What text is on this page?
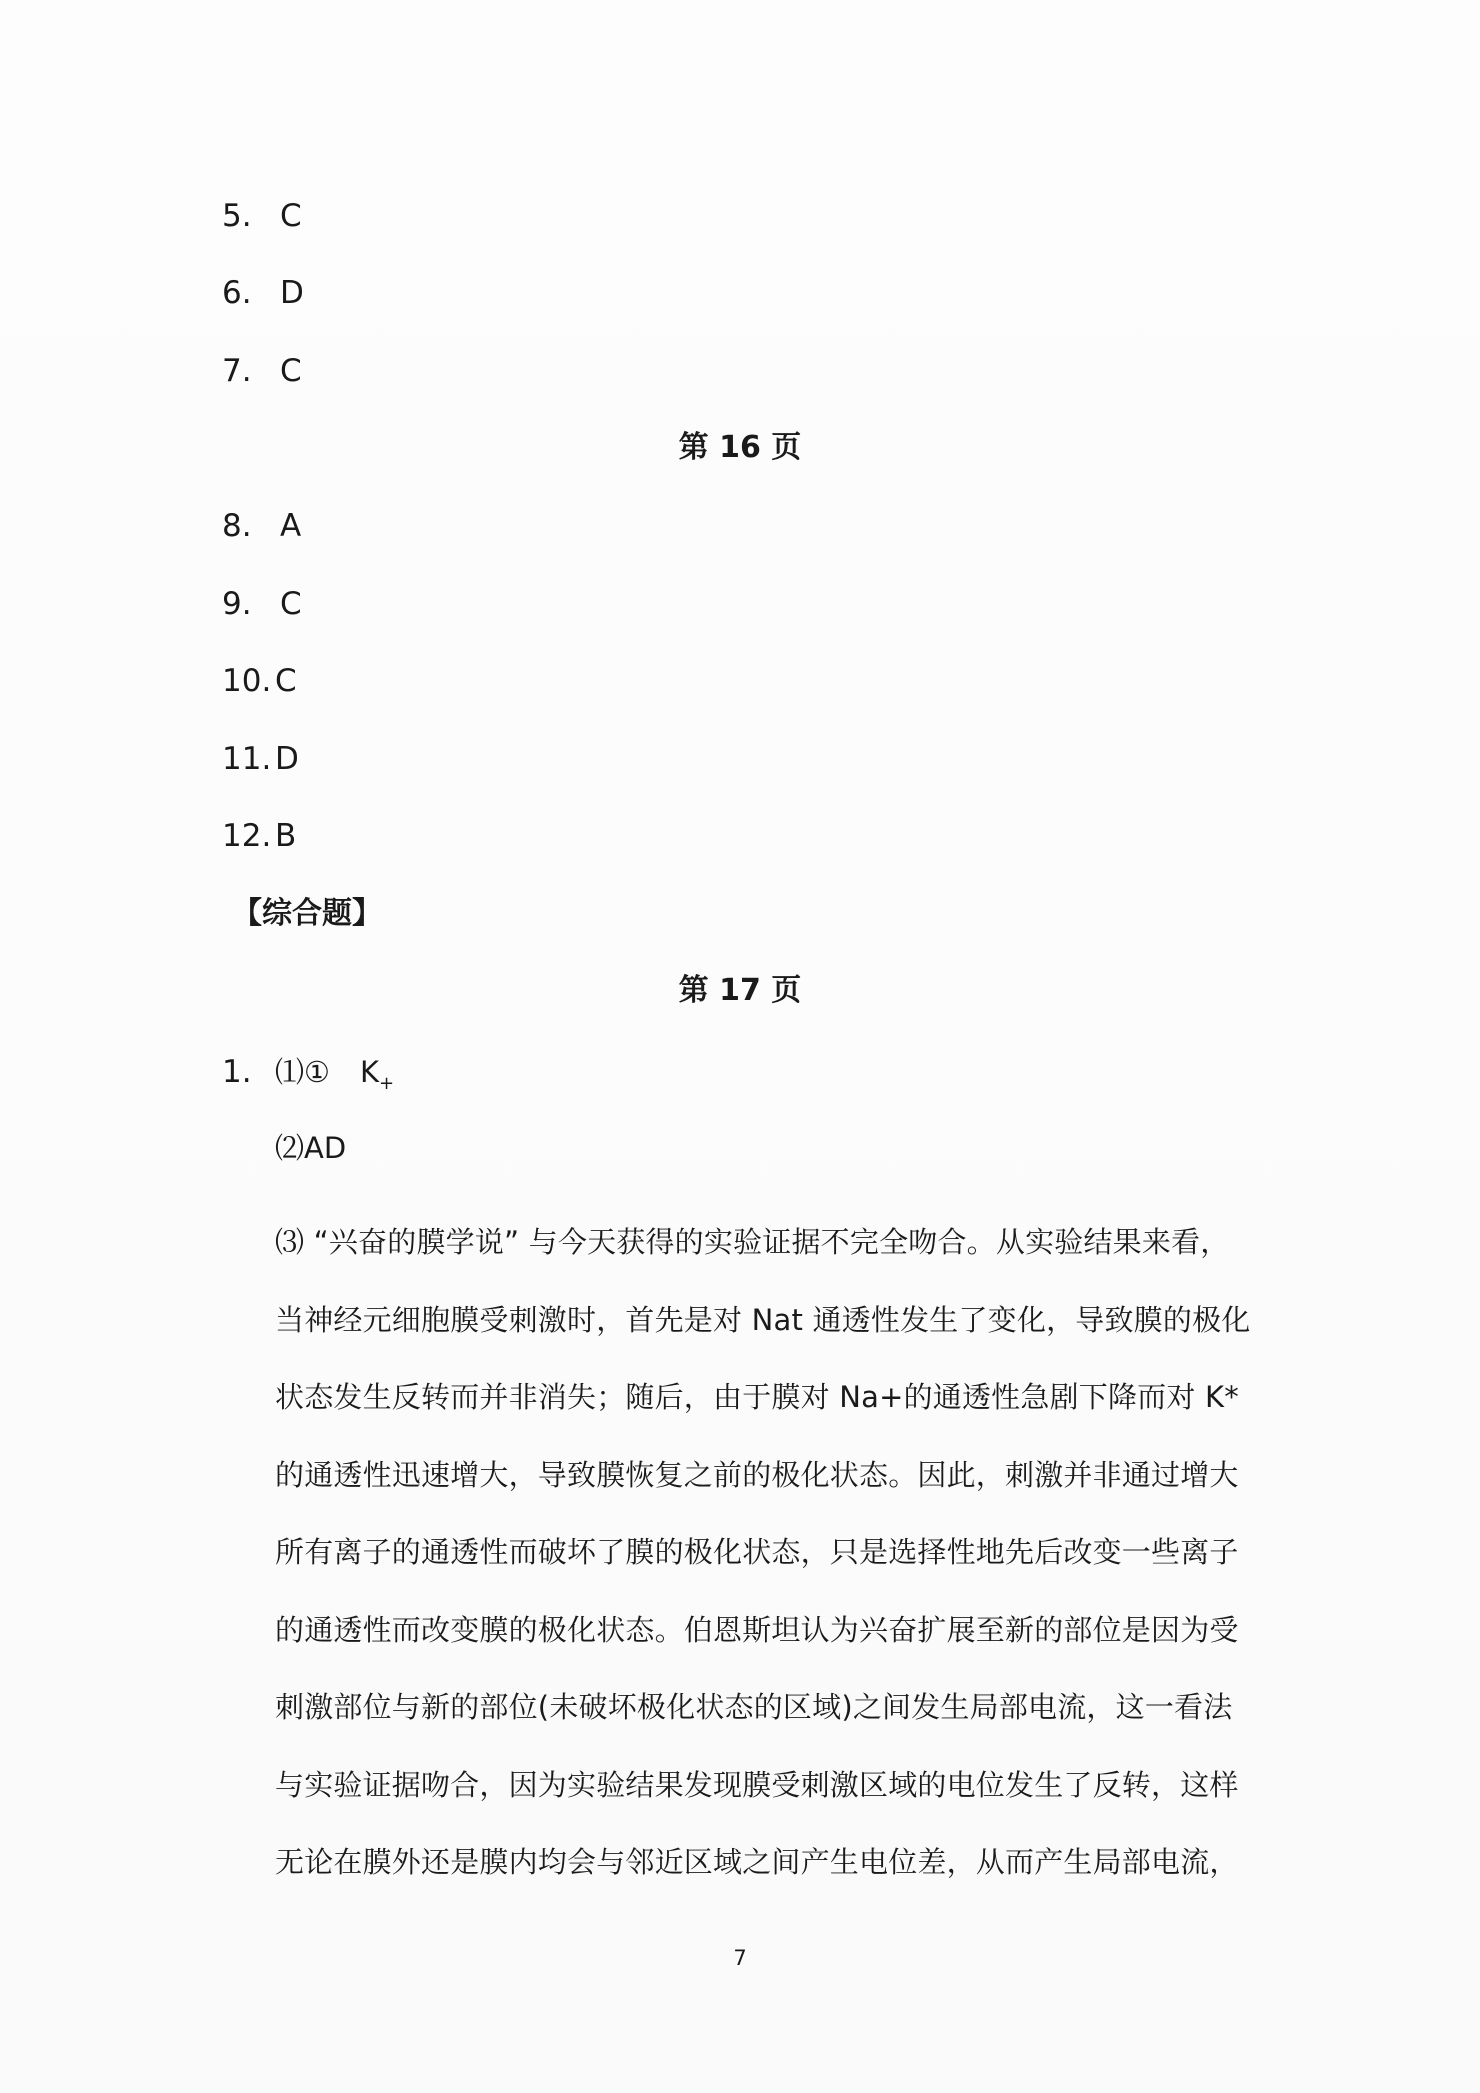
5. C
6. D
7. C
第 16 页
8. A
9. C
10. C
11. D
12. B
【综合题】
第 17 页
1. ⑴① $K_+$
⑵AD
⑶ “兴奋的膜学说” 与今天获得的实验证据不完全吻合。从实验结果来看，
当神经元细胞膜受刺激时，首先是对 Nat 通透性发生了变化，导致膜的极化
状态发生反转而并非消失；随后，由于膜对 Na+的通透性急剧下降而对 K*
的通透性迅速增大，导致膜恢复之前的极化状态。因此，刺激并非通过增大
所有离子的通透性而破坏了膜的极化状态，只是选择性地先后改变一些离子
的通透性而改变膜的极化状态。伯恩斯坦认为兴奋扩展至新的部位是因为受
刺激部位与新的部位(未破坏极化状态的区域)之间发生局部电流，这一看法
与实验证据吻合，因为实验结果发现膜受刺激区域的电位发生了反转，这样
无论在膜外还是膜内均会与邻近区域之间产生电位差，从而产生局部电流，
7
